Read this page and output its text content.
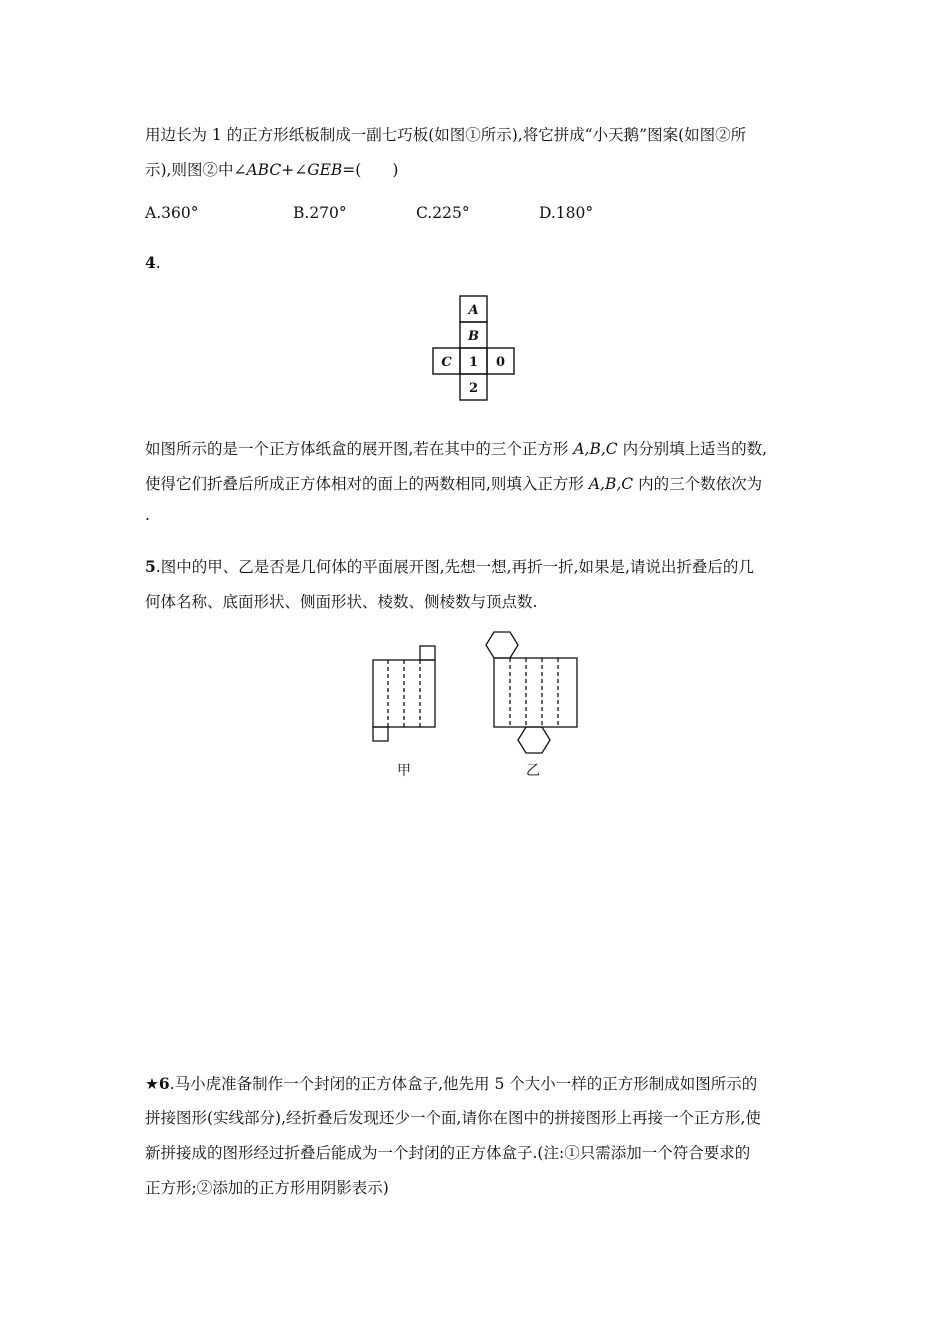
用边长为 1 的正方形纸板制成一副七巧板(如图①所示),将它拼成“小天鹅”图案(如图②所
示),则图②中∠ABC+∠GEB=(　　)
A.360°	B.270°	C.225°	D.180°
4.
A
B
C 1 0
2
如图所示的是一个正方体纸盒的展开图,若在其中的三个正方形 A,B,C 内分别填上适当的数,
使得它们折叠后所成正方体相对的面上的两数相同,则填入正方形 A,B,C 内的三个数依次为
.
5.图中的甲、乙是否是几何体的平面展开图,先想一想,再折一折,如果是,请说出折叠后的几
何体名称、底面形状、侧面形状、棱数、侧棱数与顶点数.
甲	乙
★6.马小虎准备制作一个封闭的正方体盒子,他先用 5 个大小一样的正方形制成如图所示的
拼接图形(实线部分),经折叠后发现还少一个面,请你在图中的拼接图形上再接一个正方形,使
新拼接成的图形经过折叠后能成为一个封闭的正方体盒子.(注:①只需添加一个符合要求的
正方形;②添加的正方形用阴影表示)
